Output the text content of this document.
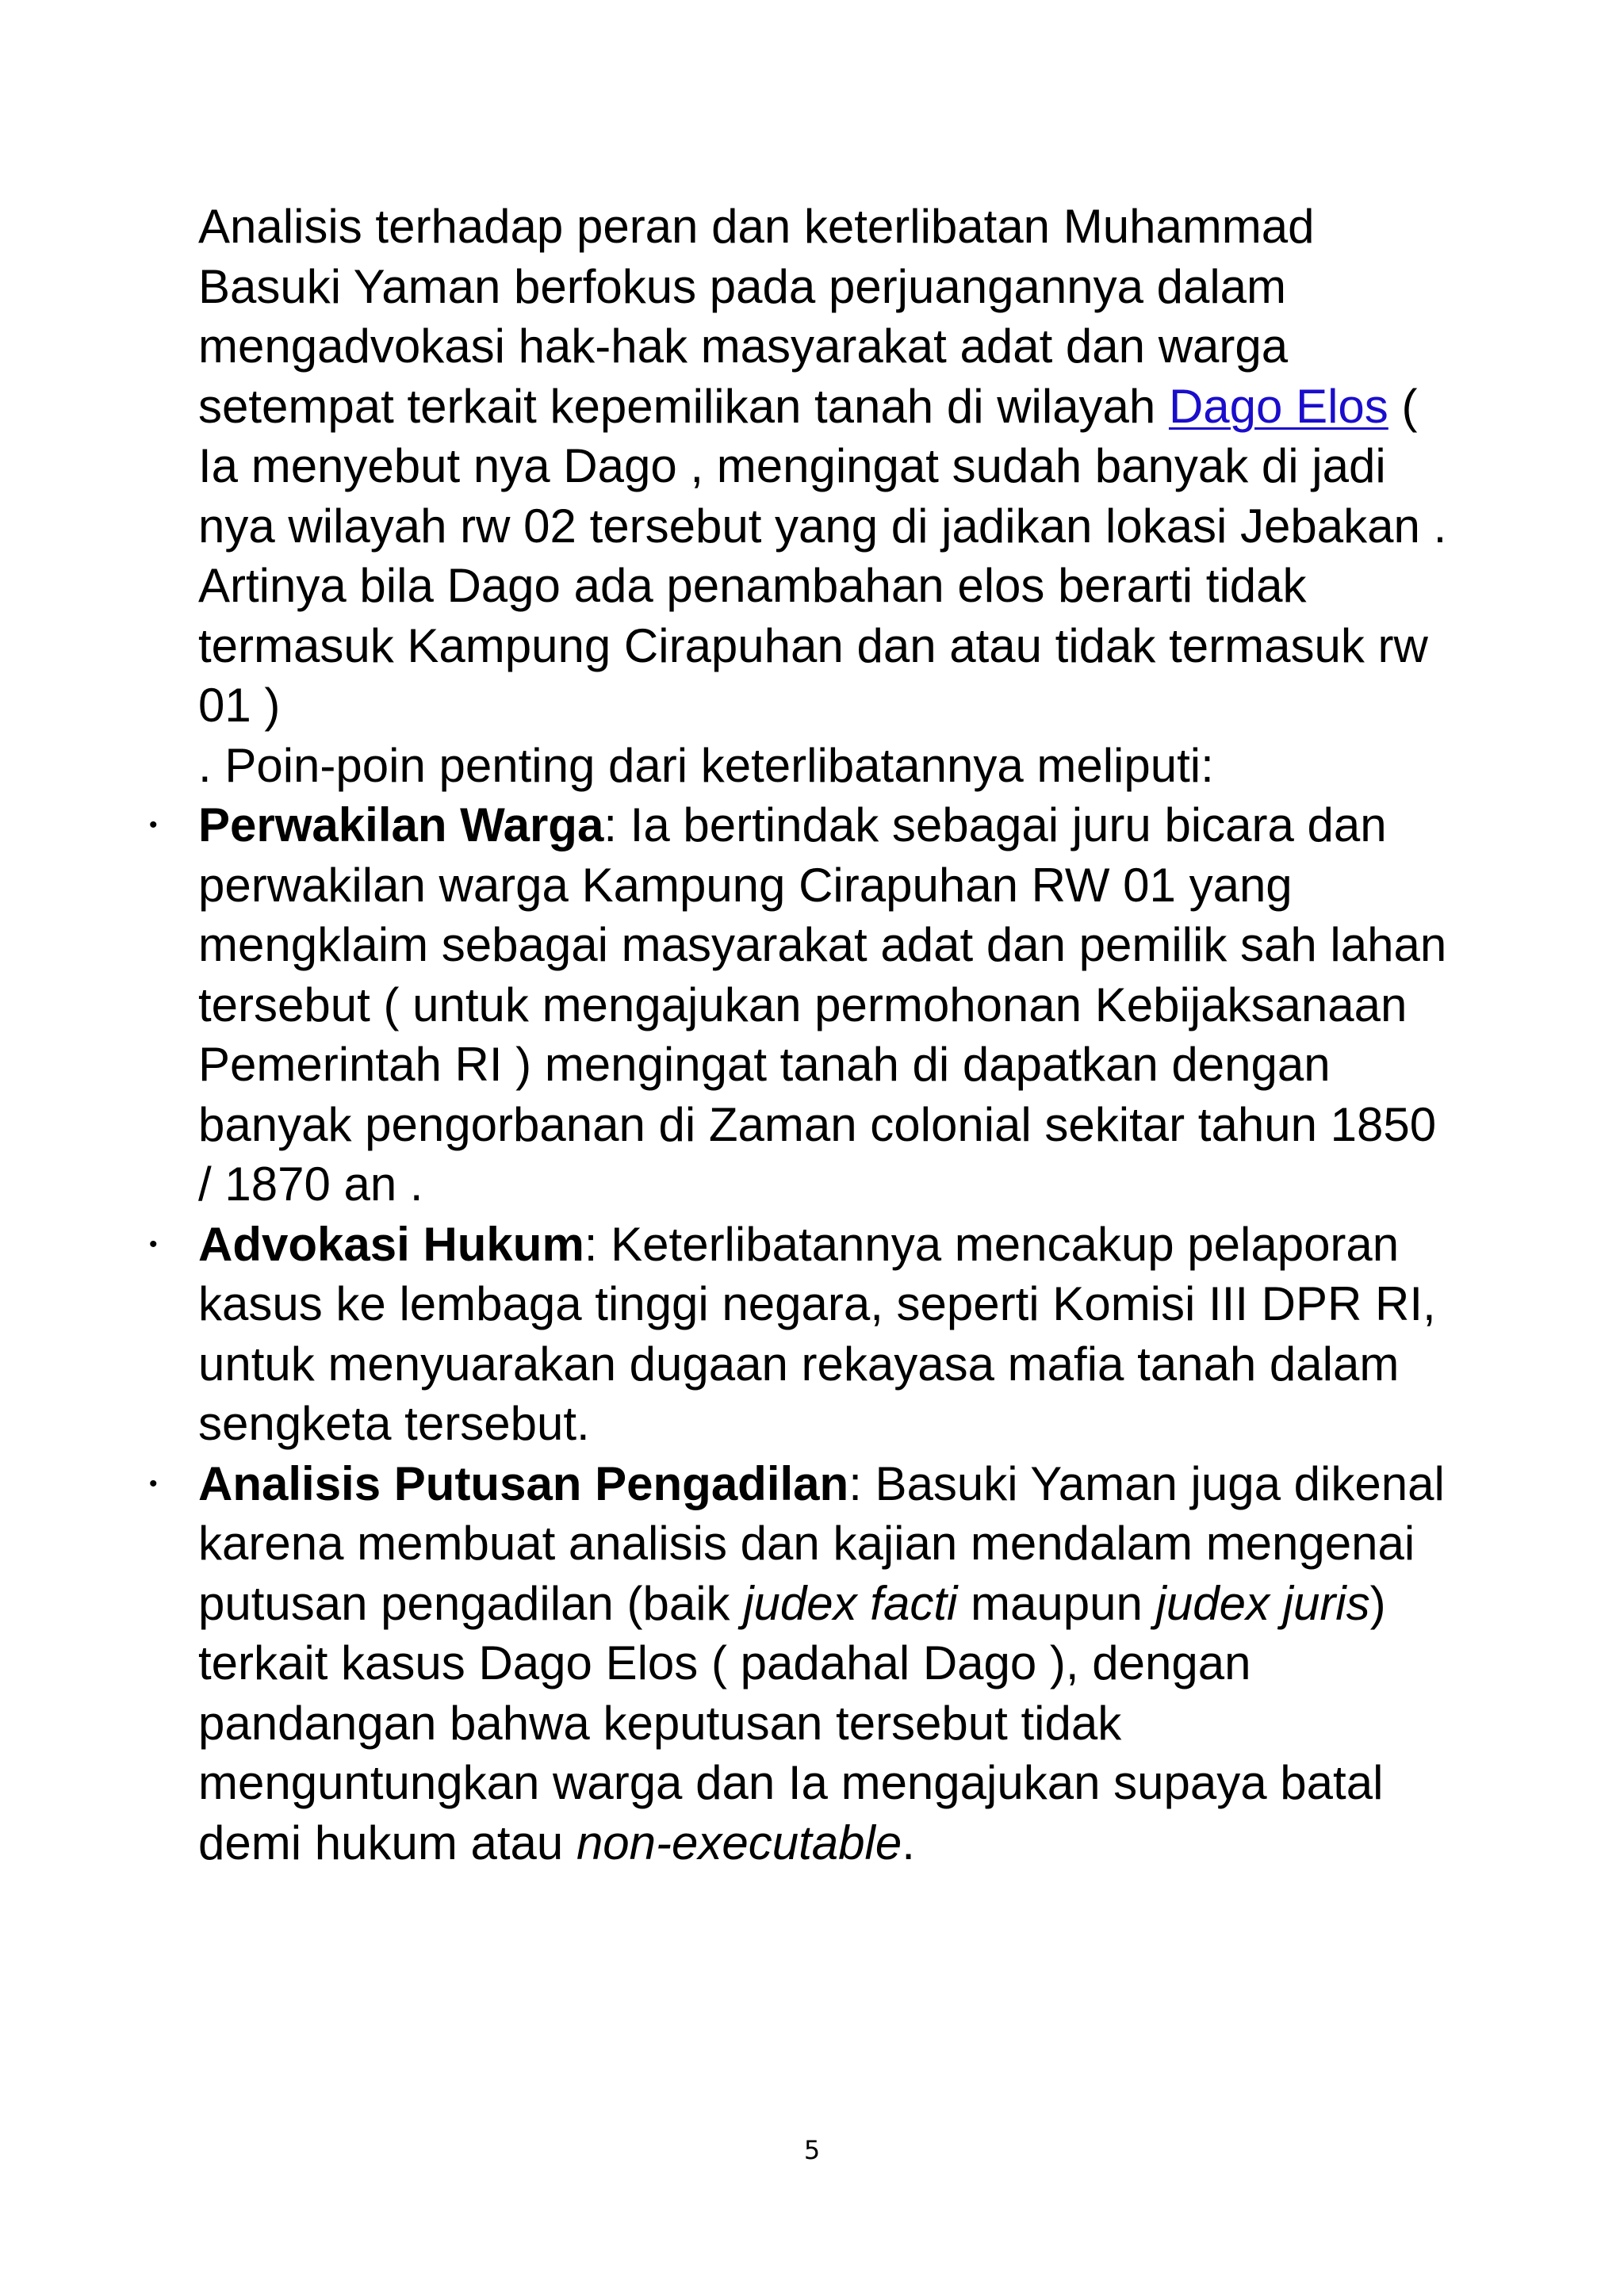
Analisis terhadap peran dan keterlibatan Muhammad Basuki Yaman berfokus pada perjuangannya dalam mengadvokasi hak-hak masyarakat adat dan warga setempat terkait kepemilikan tanah di wilayah Dago Elos ( Ia menyebut nya Dago , mengingat sudah banyak di jadi nya wilayah rw 02 tersebut yang di jadikan lokasi Jebakan . Artinya bila Dago ada penambahan elos berarti tidak termasuk Kampung Cirapuhan dan atau tidak termasuk rw 01 )

. Poin-poin penting dari keterlibatannya meliputi:

• Perwakilan Warga: Ia bertindak sebagai juru bicara dan perwakilan warga Kampung Cirapuhan RW 01 yang mengklaim sebagai masyarakat adat dan pemilik sah lahan tersebut ( untuk mengajukan permohonan Kebijaksanaan Pemerintah RI ) mengingat tanah di dapatkan dengan banyak pengorbanan di Zaman colonial sekitar tahun 1850 / 1870 an .
• Advokasi Hukum: Keterlibatannya mencakup pelaporan kasus ke lembaga tinggi negara, seperti Komisi III DPR RI, untuk menyuarakan dugaan rekayasa mafia tanah dalam sengketa tersebut.
• Analisis Putusan Pengadilan: Basuki Yaman juga dikenal karena membuat analisis dan kajian mendalam mengenai putusan pengadilan (baik judex facti maupun judex juris) terkait kasus Dago Elos ( padahal Dago ), dengan pandangan bahwa keputusan tersebut tidak menguntungkan warga dan Ia mengajukan supaya batal demi hukum atau non-executable.
5
